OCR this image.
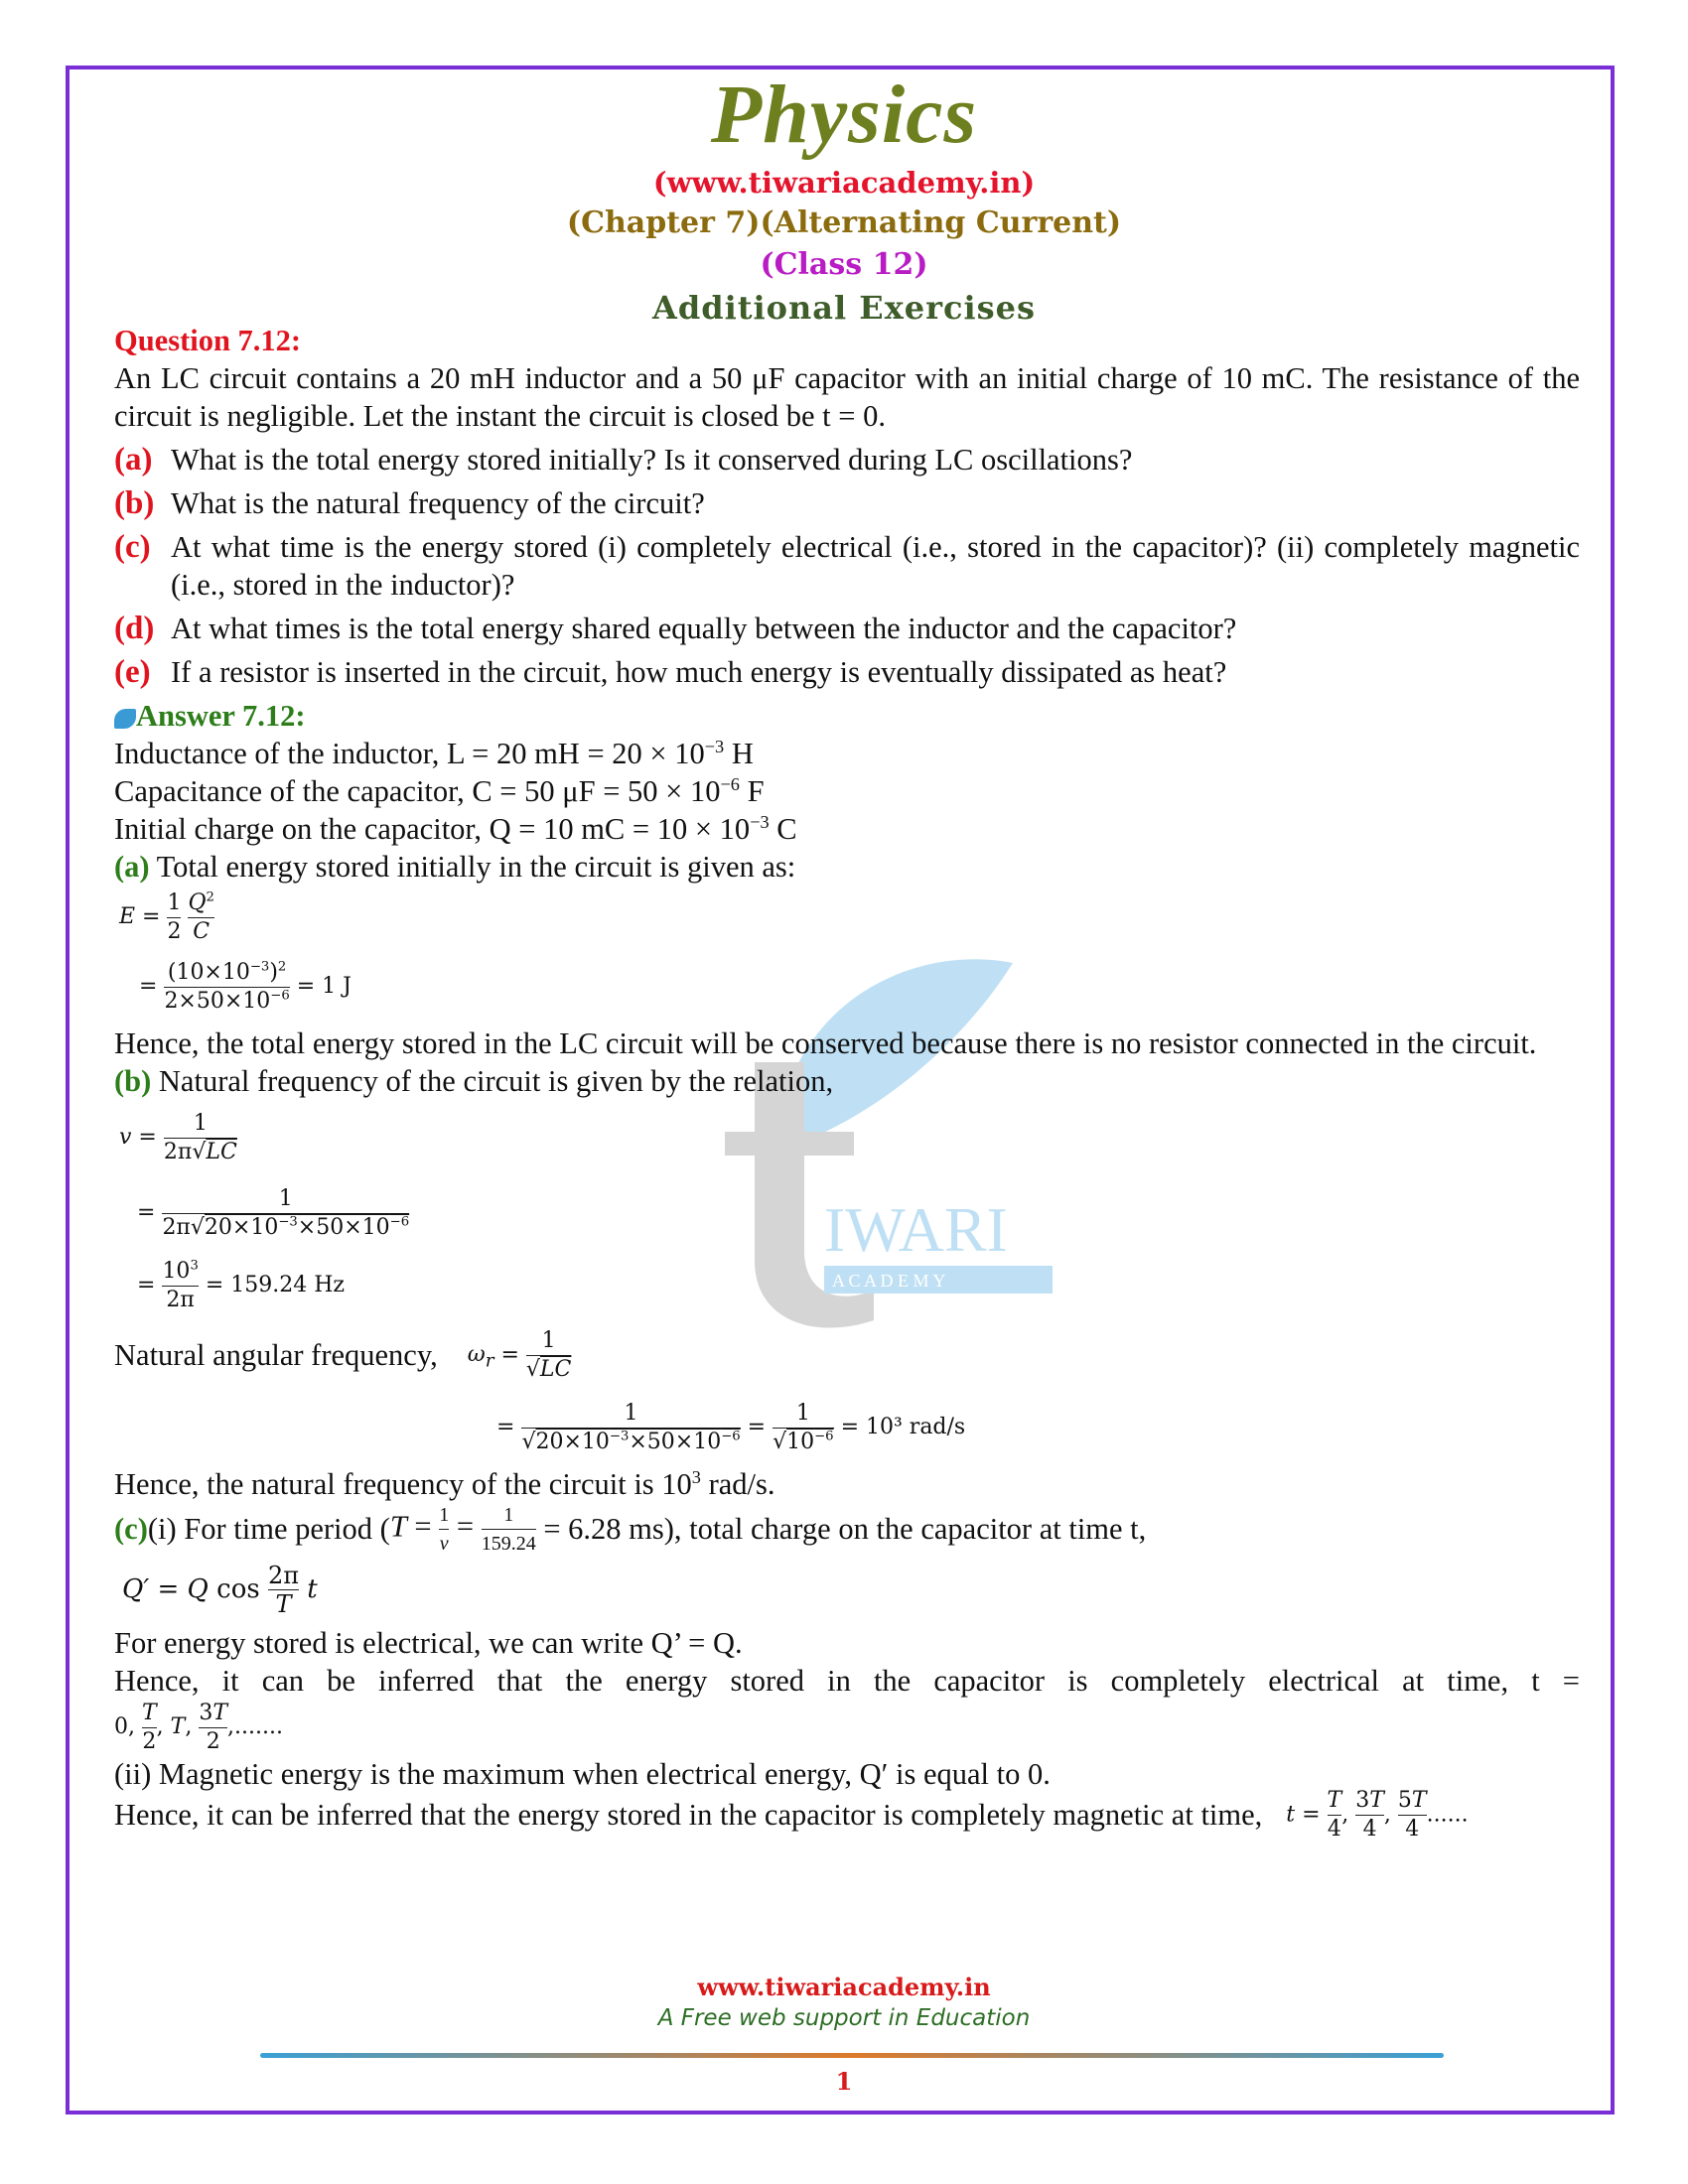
IWARI
A C A D E M Y
Physics
(www.tiwariacademy.in)
(Chapter 7)(Alternating Current)
(Class 12)
Additional Exercises
Question 7.12:
An LC circuit contains a 20 mH inductor and a 50 μF capacitor with an initial charge of 10 mC. The resistance of the circuit is negligible. Let the instant the circuit is closed be t = 0.
(a) What is the total energy stored initially? Is it conserved during LC oscillations?
(b) What is the natural frequency of the circuit?
(c) At what time is the energy stored (i) completely electrical (i.e., stored in the capacitor)? (ii) completely magnetic (i.e., stored in the inductor)?
(d) At what times is the total energy shared equally between the inductor and the capacitor?
(e) If a resistor is inserted in the circuit, how much energy is eventually dissipated as heat?
Answer 7.12:
Inductance of the inductor, L = 20 mH = $20 \times 10^{-3}$ H
Capacitance of the capacitor, C = 50 $\mu F = 50 \times 10^{-6}$ F
Initial charge on the capacitor, Q = 10 mC = $10 \times 10^{-3}$ C
(a) Total energy stored initially in the circuit is given as:
E =
1
2

$Q^2$
C
=
$(10\times 10^{-3})^2$
$2\times 50\times 10^{-6} = 1$ J
Hence, the total energy stored in the LC circuit will be conserved because there is no resistor connected in the circuit.
(b) Natural frequency of the circuit is given by the relation,
v =
1
2π√LC
=
1
$2\pi√20\times 10^{-3}\times 50\times 10^{-6}$
= $\frac{10^3}{2\pi}$
= 159.24 Hz
Natural angular frequency, $\omega_r = \frac{1}{√LC}$
=
1
$√20\times 10^{-3}\times 50\times 10^{-6} = \frac{1}{√10^{-6}}$
= 10³ rad/s
Hence, the natural frequency of the circuit is $10^3$ rad/s.
(c) (i) For time period ( $T = \frac{1}{v} = \frac{1}{159.24}$
= 6.28 ms ), total charge on the capacitor at time t,
Q′ = Q cos 2π
T
t
For energy stored is electrical, we can write Q’ = Q.
Hence, it can be inferred that the energy stored in the capacitor is completely electrical at time, t =
0,
T
2
, T ,
3T
2
,.......
(ii) Magnetic energy is the maximum when electrical energy, Q′ is equal to 0.
Hence, it can be inferred that the energy stored in the capacitor is completely magnetic at time, $t = \frac{T}{4}$ , $\frac{3T}{4}$ , $\frac{5T}{4}$ ......
www.tiwariacademy.in
A Free web support in Education
1
